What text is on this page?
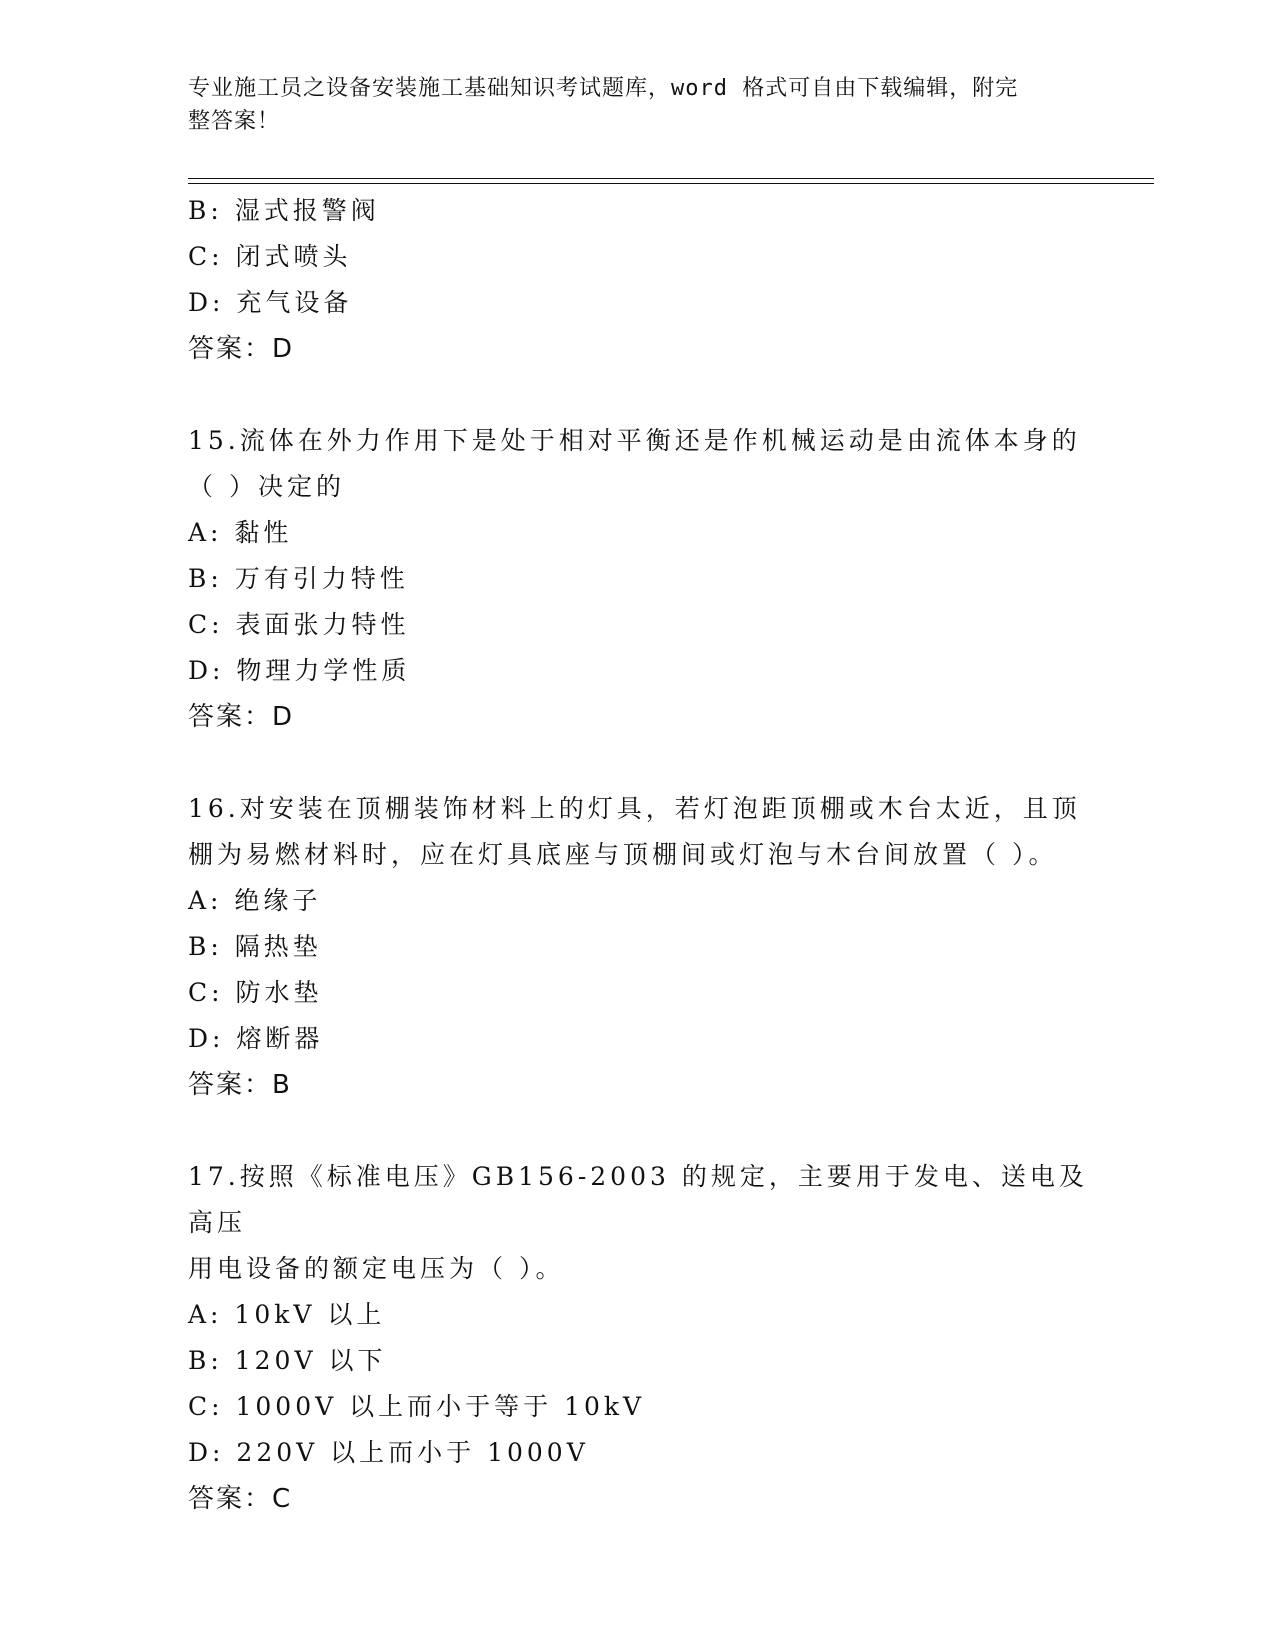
专业施工员之设备安装施工基础知识考试题库，word 格式可自由下载编辑，附完
整答案！
B: 湿式报警阀
C: 闭式喷头
D: 充气设备
答案：D
15.流体在外力作用下是处于相对平衡还是作机械运动是由流体本身的
（ ）决定的
A: 黏性
B: 万有引力特性
C: 表面张力特性
D: 物理力学性质
答案：D
16.对安装在顶棚装饰材料上的灯具，若灯泡距顶棚或木台太近，且顶
棚为易燃材料时，应在灯具底座与顶棚间或灯泡与木台间放置（ ）。
A: 绝缘子
B: 隔热垫
C: 防水垫
D: 熔断器
答案：B
17.按照《标准电压》GB156-2003 的规定，主要用于发电、送电及高压
用电设备的额定电压为（ ）。
A: 10kV 以上
B: 120V 以下
C: 1000V 以上而小于等于 10kV
D: 220V 以上而小于 1000V
答案：C
